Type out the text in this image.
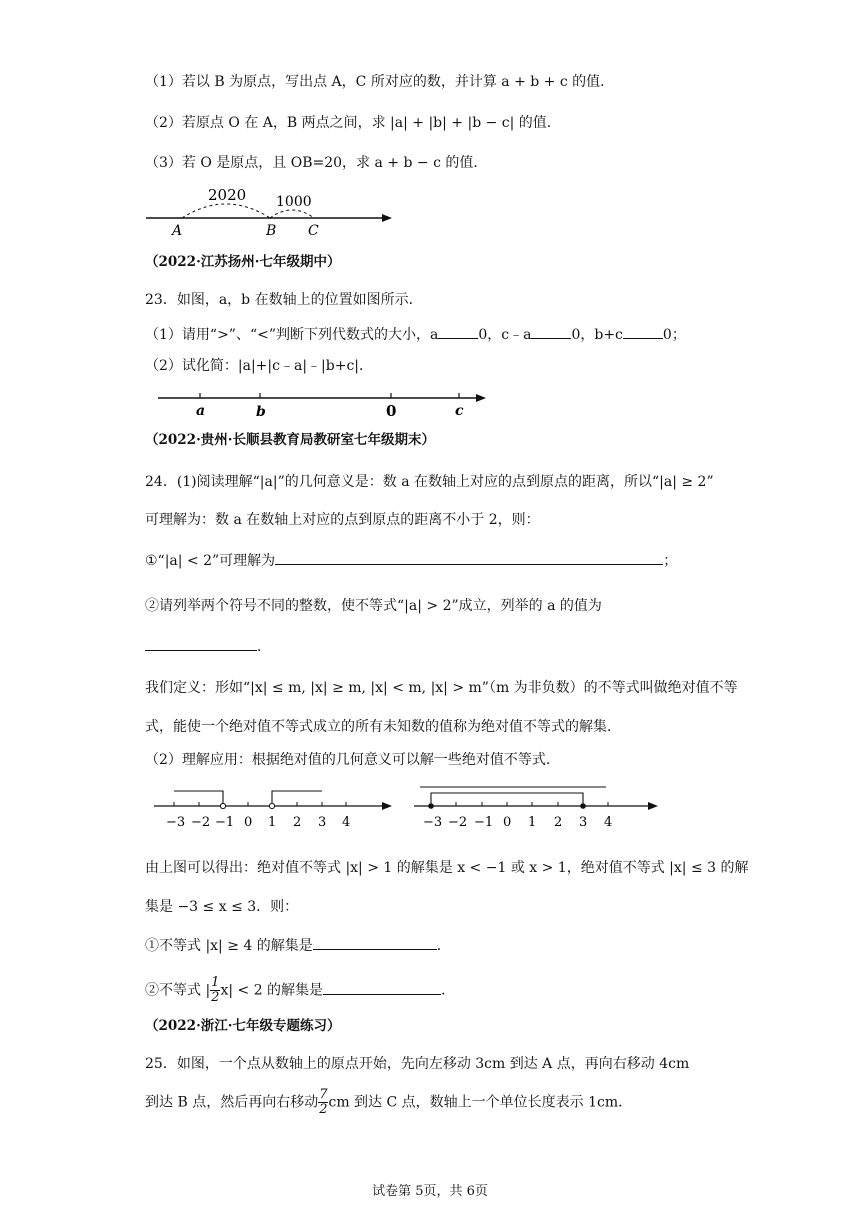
（1）若以 B 为原点，写出点 A，C 所对应的数，并计算 a + b + c 的值．
（2）若原点 O 在 A，B 两点之间，求 |a| + |b| + |b − c| 的值．
（3）若 O 是原点，且 OB=20，求 a + b − c 的值．
2020 1000
A	B C
（2022·江苏扬州·七年级期中）
23．如图，a，b 在数轴上的位置如图所示．
（1）请用“>”、“<”判断下列代数式的大小，a	0，c﹣a	0，b+c	0；
（2）试化简：|a|+|c﹣a|﹣|b+c|．
a	b	0	c
（2022·贵州·长顺县教育局教研室七年级期末）
24．(1)阅读理解“|a|”的几何意义是：数 a 在数轴上对应的点到原点的距离，所以“|a| ≥ 2”
可理解为：数 a 在数轴上对应的点到原点的距离不小于 2，则：
①“|a| < 2”可理解为	；
②请列举两个符号不同的整数，使不等式“|a| > 2”成立，列举的 a 的值为
．
我们定义：形如“|x| ≤ m, |x| ≥ m, |x| < m, |x| > m”（m 为非负数）的不等式叫做绝对值不等
式，能使一个绝对值不等式成立的所有未知数的值称为绝对值不等式的解集．
（2）理解应用：根据绝对值的几何意义可以解一些绝对值不等式．
−3 −2 −1 0 1 2 3 4	−3 −2 −1 0 1 2 3 4
由上图可以得出：绝对值不等式 |x| > 1 的解集是 x < −1 或 x > 1，绝对值不等式 |x| ≤ 3 的解
集是 −3 ≤ x ≤ 3．则：
①不等式 |x| ≥ 4 的解集是	．
②不等式 | $\frac{1}{2} x| < 2$ 的解集是	．
（2022·浙江·七年级专题练习）
25．如图，一个点从数轴上的原点开始，先向左移动 3cm 到达 A 点，再向右移动 4cm
到达 B 点，然后再向右移动 $\frac{7}{2}$ cm 到达 C 点，数轴上一个单位长度表示 1cm．
试卷第 5页，共 6页
